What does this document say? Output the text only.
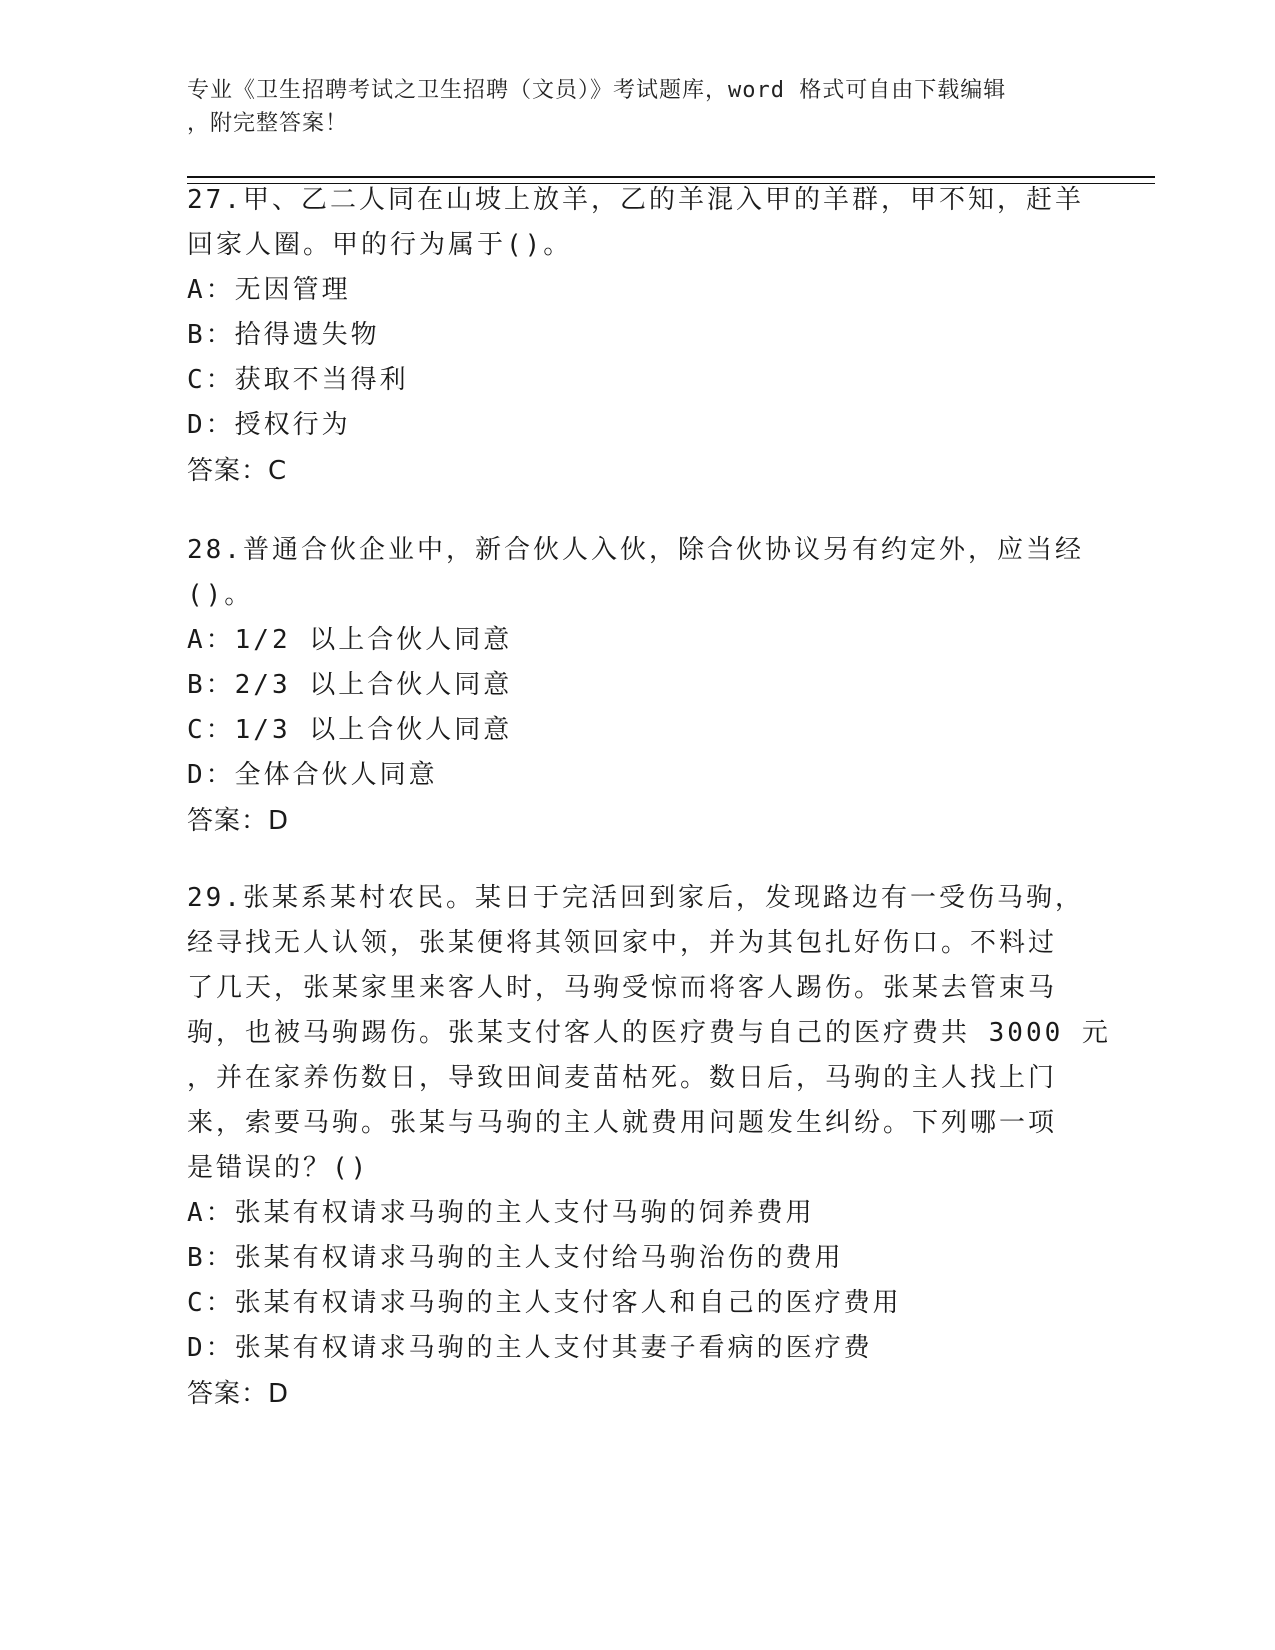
专业《卫生招聘考试之卫生招聘（文员）》考试题库，word 格式可自由下载编辑
，附完整答案！
27.甲、乙二人同在山坡上放羊，乙的羊混入甲的羊群，甲不知，赶羊
回家人圈。甲的行为属于()。
A：无因管理
B：拾得遗失物
C：获取不当得利
D：授权行为
答案：C
28.普通合伙企业中，新合伙人入伙，除合伙协议另有约定外，应当经
()。
A：1/2 以上合伙人同意
B：2/3 以上合伙人同意
C：1/3 以上合伙人同意
D：全体合伙人同意
答案：D
29.张某系某村农民。某日于完活回到家后，发现路边有一受伤马驹，
经寻找无人认领，张某便将其领回家中，并为其包扎好伤口。不料过
了几天，张某家里来客人时，马驹受惊而将客人踢伤。张某去管束马
驹，也被马驹踢伤。张某支付客人的医疗费与自己的医疗费共 3000 元
，并在家养伤数日，导致田间麦苗枯死。数日后，马驹的主人找上门
来，索要马驹。张某与马驹的主人就费用问题发生纠纷。下列哪一项
是错误的？()
A：张某有权请求马驹的主人支付马驹的饲养费用
B：张某有权请求马驹的主人支付给马驹治伤的费用
C：张某有权请求马驹的主人支付客人和自己的医疗费用
D：张某有权请求马驹的主人支付其妻子看病的医疗费
答案：D
